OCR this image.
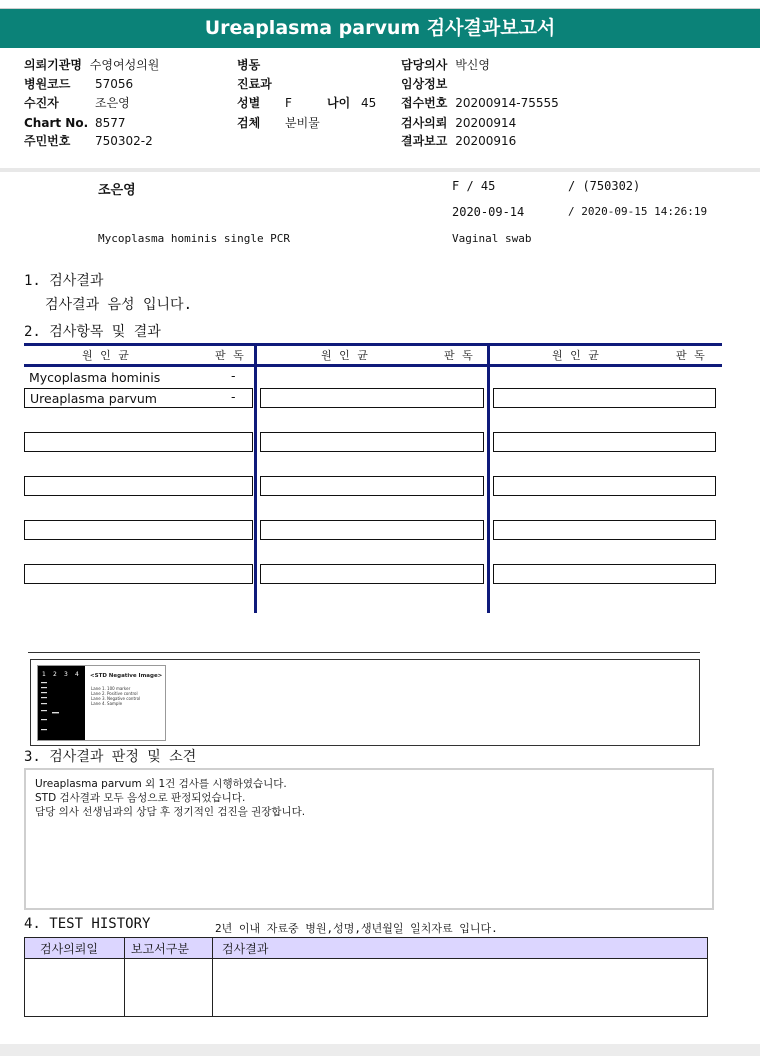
Ureaplasma parvum 검사결과보고서
의뢰기관명 수영여성의원
병원코드 57056
수진자	조은영
Chart No. 8577
주민번호 750302-2
병동
진료과
성별 F	나이 45
검체 분비물
담당의사 박신영
임상정보
접수번호 20200914-75555
검사의뢰 20200914
결과보고 20200916
조은영	F / 45	/ (750302)
2020-09-14	/ 2020-09-15 14:26:19
Mycoplasma hominis single PCR	Vaginal swab
1. 검사결과
검사결과 음성 입니다.
2. 검사항목 및 결과
원 인 균	판 독	원 인 균	판 독	원 인 균	판 독
Mycoplasma hominis	-
Ureaplasma parvum	-
1 2 3 4 <STD Negative Image>
Lane 1. 100 marker
Lane 2. Positive control
Lane 3. Negative control
Lane 4. Sample
3. 검사결과 판정 및 소견
Ureaplasma parvum 외 1건 검사를 시행하였습니다.
STD 검사결과 모두 음성으로 판정되었습니다.
담당 의사 선생님과의 상담 후 정기적인 검진을 권장합니다.
4. TEST HISTORY	2년 이내 자료중 병원,성명,생년월일 일치자료 입니다.
검사의뢰일	보고서구분	검사결과
